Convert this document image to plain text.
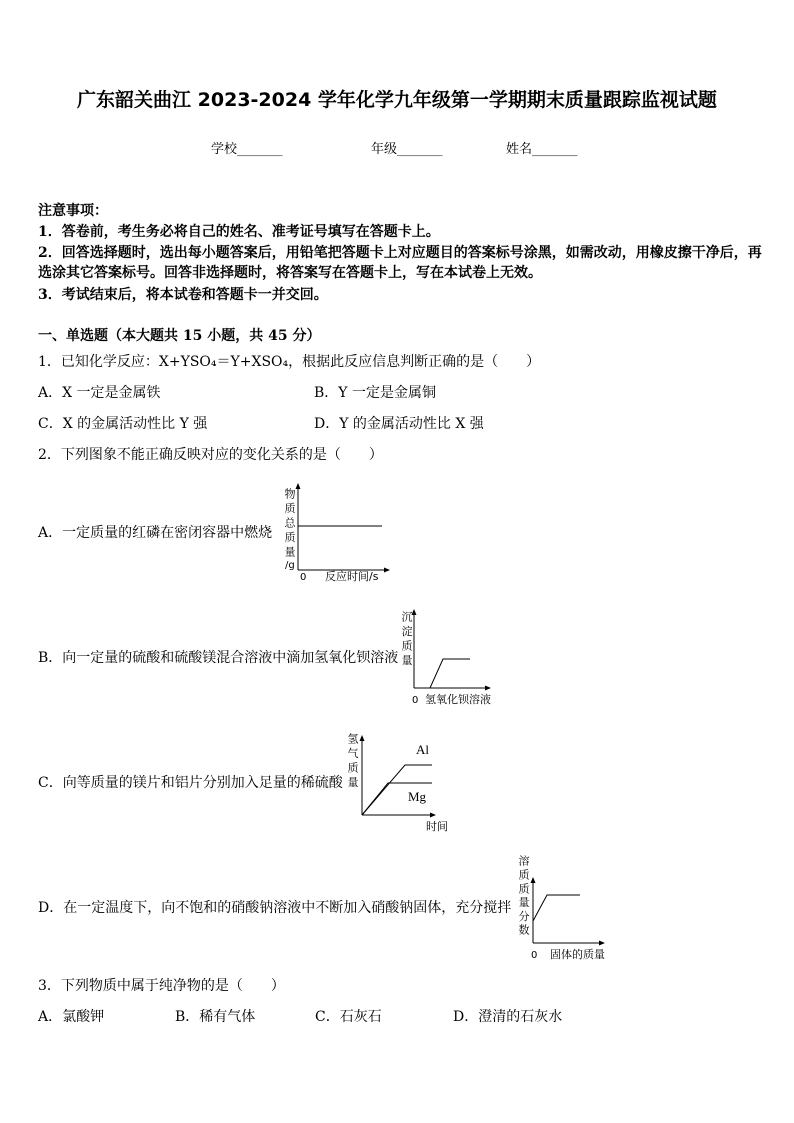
广东韶关曲江 2023-2024 学年化学九年级第一学期期末质量跟踪监视试题
学校_______	年级_______	姓名_______
注意事项：
1．答卷前，考生务必将自己的姓名、准考证号填写在答题卡上。
2．回答选择题时，选出每小题答案后，用铅笔把答题卡上对应题目的答案标号涂黑，如需改动，用橡皮擦干净后，再
选涂其它答案标号。回答非选择题时，将答案写在答题卡上，写在本试卷上无效。
3．考试结束后，将本试卷和答题卡一并交回。
一、单选题（本大题共 15 小题，共 45 分）
1．已知化学反应：X+YSO₄＝Y+XSO₄，根据此反应信息判断正确的是（　　）
A．X 一定是金属铁	B．Y 一定是金属铜
C．X 的金属活动性比 Y 强	D．Y 的金属活动性比 X 强
2．下列图象不能正确反映对应的变化关系的是（　　）
A．一定质量的红磷在密闭容器中燃烧 物质总质量
/g
0 反应时间/s
B．向一定量的硫酸和硫酸镁混合溶液中滴加氢氧化钡溶液 沉淀质量
0 氢氧化钡溶液
C．向等质量的镁片和铝片分别加入足量的稀硫酸 氢气质量	Al
Mg
时间
D．在一定温度下，向不饱和的硝酸钠溶液中不断加入硝酸钠固体，充分搅拌 溶质质量分数
0 固体的质量
3．下列物质中属于纯净物的是（　　）
A．氯酸钾	B．稀有气体	C．石灰石	D．澄清的石灰水
